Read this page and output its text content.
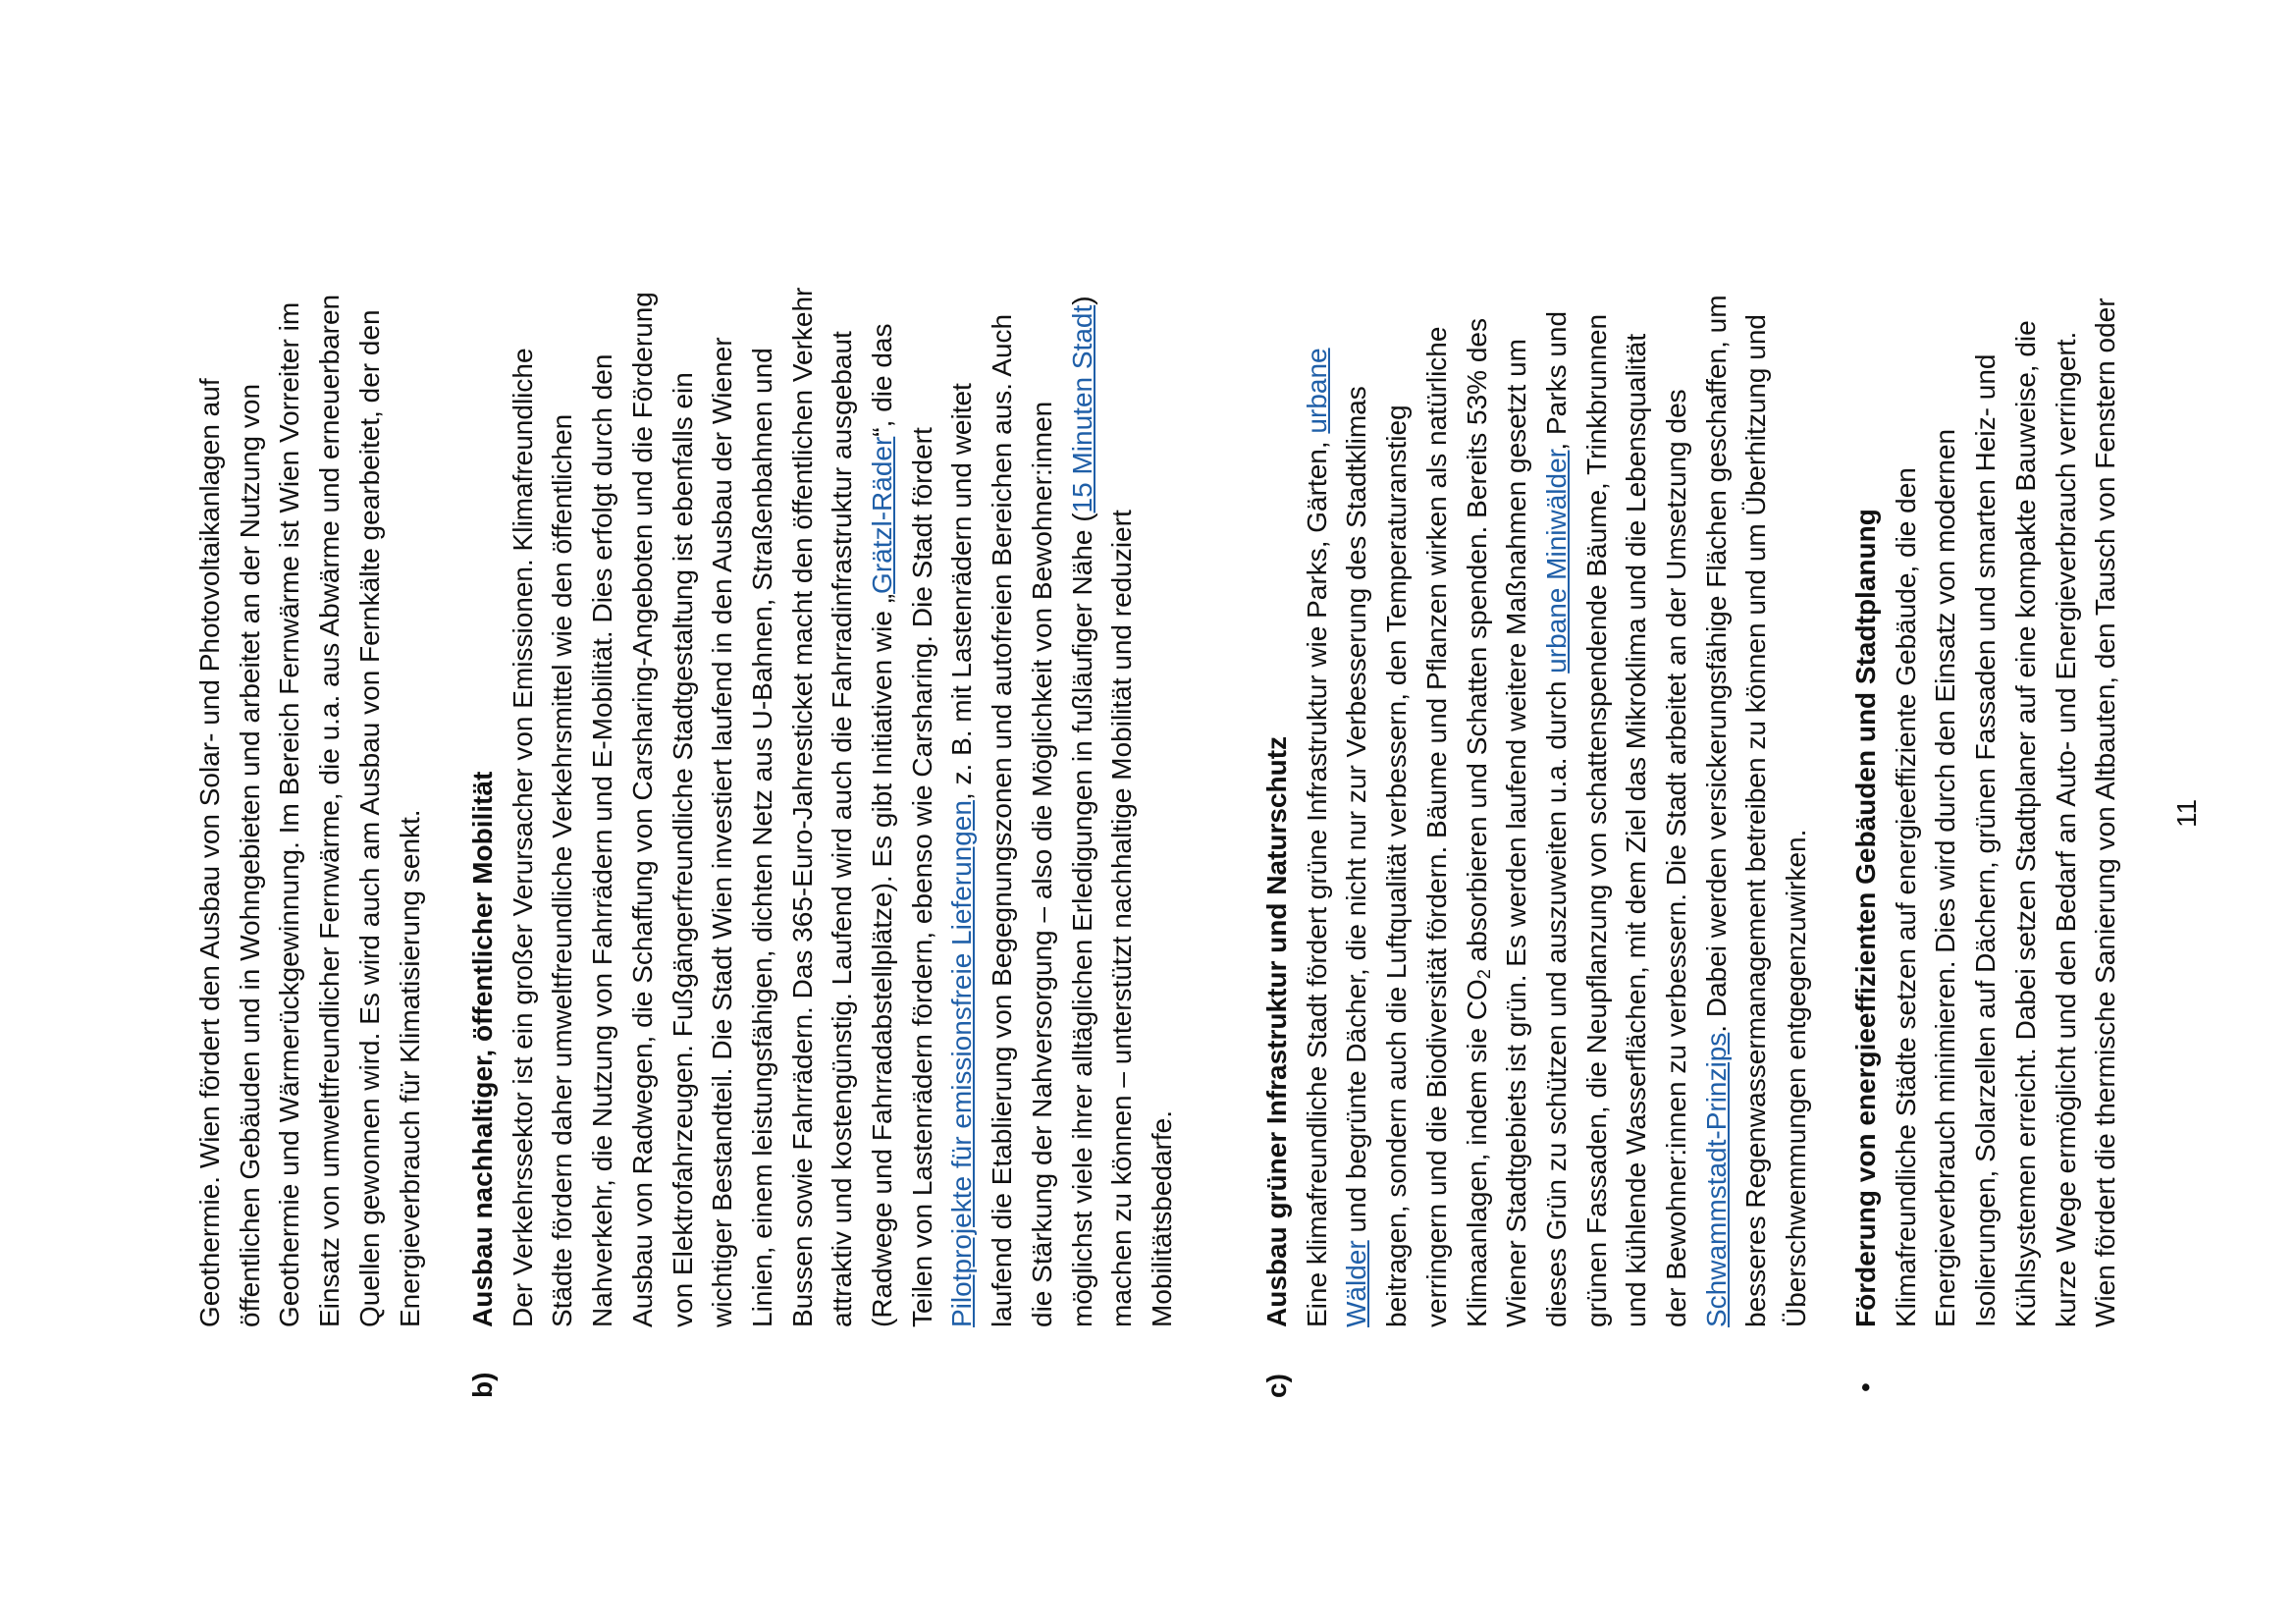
Geothermie. Wien fördert den Ausbau von Solar- und Photovoltaikanlagen auf öffentlichen Gebäuden und in Wohngebieten und arbeitet an der Nutzung von Geothermie und Wärmerückgewinnung. Im Bereich Fernwärme ist Wien Vorreiter im Einsatz von umweltfreundlicher Fernwärme, die u.a. aus Abwärme und erneuerbaren Quellen gewonnen wird. Es wird auch am Ausbau von Fernkälte gearbeitet, der den Energieverbrauch für Klimatisierung senkt.
b)
Ausbau nachhaltiger, öffentlicher Mobilität Der Verkehrssektor ist ein großer Verursacher von Emissionen. Klimafreundliche Städte fördern daher umweltfreundliche Verkehrsmittel wie den öffentlichen Nahverkehr, die Nutzung von Fahrrädern und E-Mobilität. Dies erfolgt durch den Ausbau von Radwegen, die Schaffung von Carsharing-Angeboten und die Förderung von Elektrofahrzeugen. Fußgängerfreundliche Stadtgestaltung ist ebenfalls ein wichtiger Bestandteil. Die Stadt Wien investiert laufend in den Ausbau der Wiener Linien, einem leistungsfähigen, dichten Netz aus U-Bahnen, Straßenbahnen und Bussen sowie Fahrrädern. Das 365-Euro-Jahresticket macht den öffentlichen Verkehr attraktiv und kostengünstig. Laufend wird auch die Fahrradinfrastruktur ausgebaut (Radwege und Fahrradabstellplätze). Es gibt Initiativen wie „Grätzl-Räder“, die das
Teilen von Lastenrädern fördern, ebenso wie Carsharing. Die Stadt fördert Pilotprojekte für emissionsfreie Lieferungen, z. B. mit Lastenrädern und weitet laufend die Etablierung von Begegnungszonen und autofreien Bereichen aus. Auch die Stärkung der Nahversorgung – also die Möglichkeit von Bewohner:innen möglichst viele ihrer alltäglichen Erledigungen in fußläufiger Nähe (15 Minuten Stadt)
machen zu können – unterstützt nachhaltige Mobilität und reduziert Mobilitätsbedarfe.
c)
Ausbau grüner Infrastruktur und Naturschutz Eine klimafreundliche Stadt fördert grüne Infrastruktur wie Parks, Gärten, urbane
Wälder und begrünte Dächer, die nicht nur zur Verbesserung des Stadtklimas beitragen, sondern auch die Luftqualität verbessern, den Temperaturanstieg verringern und die Biodiversität fördern. Bäume und Pflanzen wirken als natürliche Klimaanlagen, indem sie $CO_2$ absorbieren und Schatten spenden. Bereits 53% des Wiener Stadtgebiets ist grün. Es werden laufend weitere Maßnahmen gesetzt um dieses Grün zu schützen und auszuweiten u.a. durch urbane Miniwälder, Parks und grünen Fassaden, die Neupflanzung von schattenspendende Bäume, Trinkbrunnen und kühlende Wasserflächen, mit dem Ziel das Mikroklima und die Lebensqualität der Bewohner:innen zu verbessern. Die Stadt arbeitet an der Umsetzung des Schwammstadt-Prinzips. Dabei werden versickerungsfähige Flächen geschaffen, um besseres Regenwassermanagement betreiben zu können und um Überhitzung und Überschwemmungen entgegenzuwirken.
•
Förderung von energieeffizienten Gebäuden und Stadtplanung Klimafreundliche Städte setzen auf energieeffiziente Gebäude, die den Energieverbrauch minimieren. Dies wird durch den Einsatz von modernen Isolierungen, Solarzellen auf Dächern, grünen Fassaden und smarten Heiz- und Kühlsystemen erreicht. Dabei setzen Stadtplaner auf eine kompakte Bauweise, die kurze Wege ermöglicht und den Bedarf an Auto- und Energieverbrauch verringert. Wien fördert die thermische Sanierung von Altbauten, den Tausch von Fenstern oder 11
